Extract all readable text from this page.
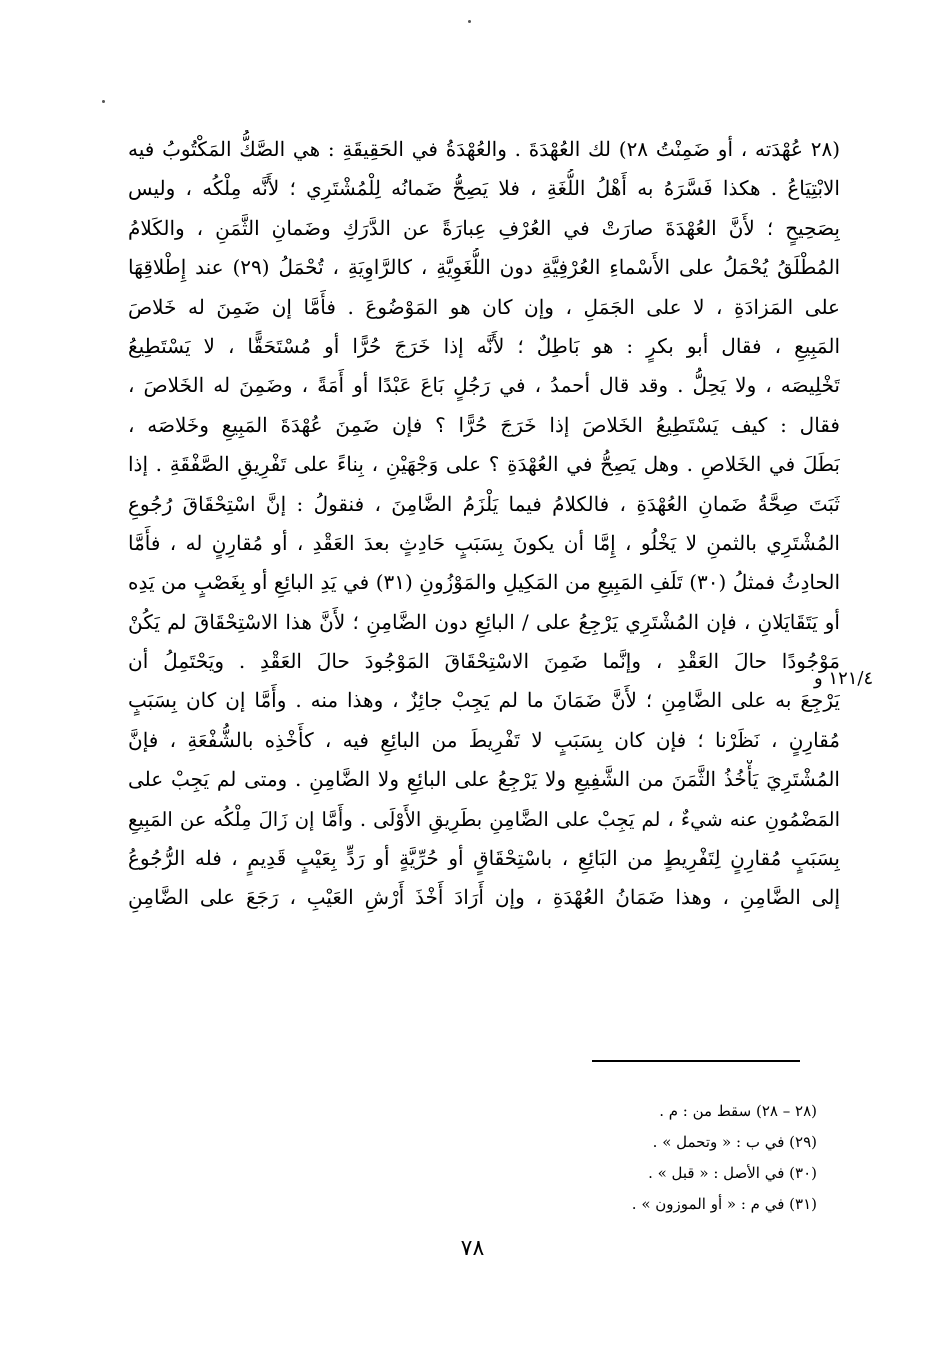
(٢٨ عُهْدَته ، أو ضَمِنْتُ ٢٨) لك العُهْدَةَ . والعُهْدَةُ في الحَقِيقَةِ : هي الصَّكُّ المَكْتُوبُ فيه
الابْتِيَاعُ . هكذا فَسَّرَهُ به أَهْلُ اللُّغَةِ ، فلا يَصِحُّ ضَمانُه لِلْمُشْتَرِي ؛ لأَنَّه مِلْكُه ، وليس
بِصَحِيحٍ ؛ لأَنَّ العُهْدَةَ صارَتْ في العُرْفِ عِبارَةً عن الدَّرَكِ وضَمانِ الثَّمَنِ ، والكَلامُ
المُطْلَقُ يُحْمَلُ على الأَسْماءِ العُرْفِيَّةِ دون اللُّغَوِيَّةِ ، كالرَّاوِيَةِ ، تُحْمَلُ (٢٩) عند إِطْلاقِهَا
على المَزادَةِ ، لا على الجَمَلِ ، وإن كان هو المَوْضُوعَ . فأَمَّا إن ضَمِنَ له خَلاصَ
المَبِيعِ ، فقال أبو بكرٍ : هو بَاطِلٌ ؛ لأَنَّه إذا خَرَجَ حُرًّا أو مُسْتَحَقًّا ، لا يَسْتَطِيعُ
تَخْلِيصَه ، ولا يَحِلُّ . وقد قال أحمدُ ، في رَجُلٍ بَاعَ عَبْدًا أو أَمَةً ، وضَمِنَ له الخَلاصَ ،
فقال : كيف يَسْتَطِيعُ الخَلاصَ إذا خَرَجَ حُرًّا ؟ فإن ضَمِنَ عُهْدَةَ المَبِيعِ وخَلاصَه ،
بَطَلَ في الخَلاصِ . وهل يَصِحُّ في العُهْدَةِ ؟ على وَجْهَيْنِ ، بِناءً على تَفْرِيقِ الصَّفْقَةِ . إذا
ثَبَتَ صِحَّةُ ضَمانِ العُهْدَةِ ، فالكلامُ فيما يَلْزَمُ الضَّامِنَ ، فنقولُ : إنَّ اسْتِحْقَاقَ رُجُوعِ
المُشْتَرِي بالثمنِ لا يَخْلُو ، إِمَّا أن يكونَ بِسَبَبٍ حَادِثٍ بعدَ العَقْدِ ، أو مُقارِنٍ له ، فأَمَّا
الحادِثُ فمثلُ (٣٠) تَلَفِ المَبِيعِ من المَكِيلِ والمَوْزُونِ (٣١) في يَدِ البائِعِ أو بِغَصْبٍ من يَدِه
أو يَتَقَايَلانِ ، فإن المُشْتَرِي يَرْجِعُ على / البائِعِ دون الضَّامِنِ ؛ لأَنَّ هذا الاسْتِحْقَاقَ لم يَكُنْ
مَوْجُودًا حالَ العَقْدِ ، وإنَّما ضَمِنَ الاسْتِحْقَاقَ المَوْجُودَ حالَ العَقْدِ . ويَحْتَمِلُ أن
يَرْجِعَ به على الضَّامِنِ ؛ لأَنَّ ضَمَانَ ما لم يَجِبْ جائِزٌ ، وهذا منه . وأَمَّا إن كان بِسَبَبٍ
مُقارِنٍ ، نَظَرْنا ؛ فإن كان بِسَبَبٍ لا تَفْرِيطَ من البائِعِ فيه ، كأَخْذِه بالشُّفْعَةِ ، فإنَّ
المُشْتَرِيَ يَأْخُذُ الثَّمَنَ من الشَّفِيعِ ولا يَرْجِعُ على البائِعِ ولا الضَّامِنِ . ومتى لم يَجِبْ على
المَضْمُونِ عنه شيءٌ ، لم يَجِبْ على الضَّامِنِ بطَرِيقِ الأَوْلَى . وأَمَّا إن زَالَ مِلْكُه عن المَبِيعِ
بِسَبَبٍ مُقارِنٍ لِتَفْرِيطٍ من البَائِعِ ، باسْتِحْقَاقٍ أو حُرِّيَّةٍ أو رَدٍّ بِعَيْبٍ قَدِيمٍ ، فله الرُّجُوعُ
إلى الضَّامِنِ ، وهذا ضَمَانُ العُهْدَةِ ، وإن أَرَادَ أَخْذَ أَرْشِ العَيْبِ ، رَجَعَ على الضَّامِنِ
١٢١/٤ و
(٢٨ – ٢٨) سقط من : م .
(٢٩) في ب : « وتحمل » .
(٣٠) في الأصل : « قبل » .
(٣١) في م : « أو الموزون » .
٧٨
